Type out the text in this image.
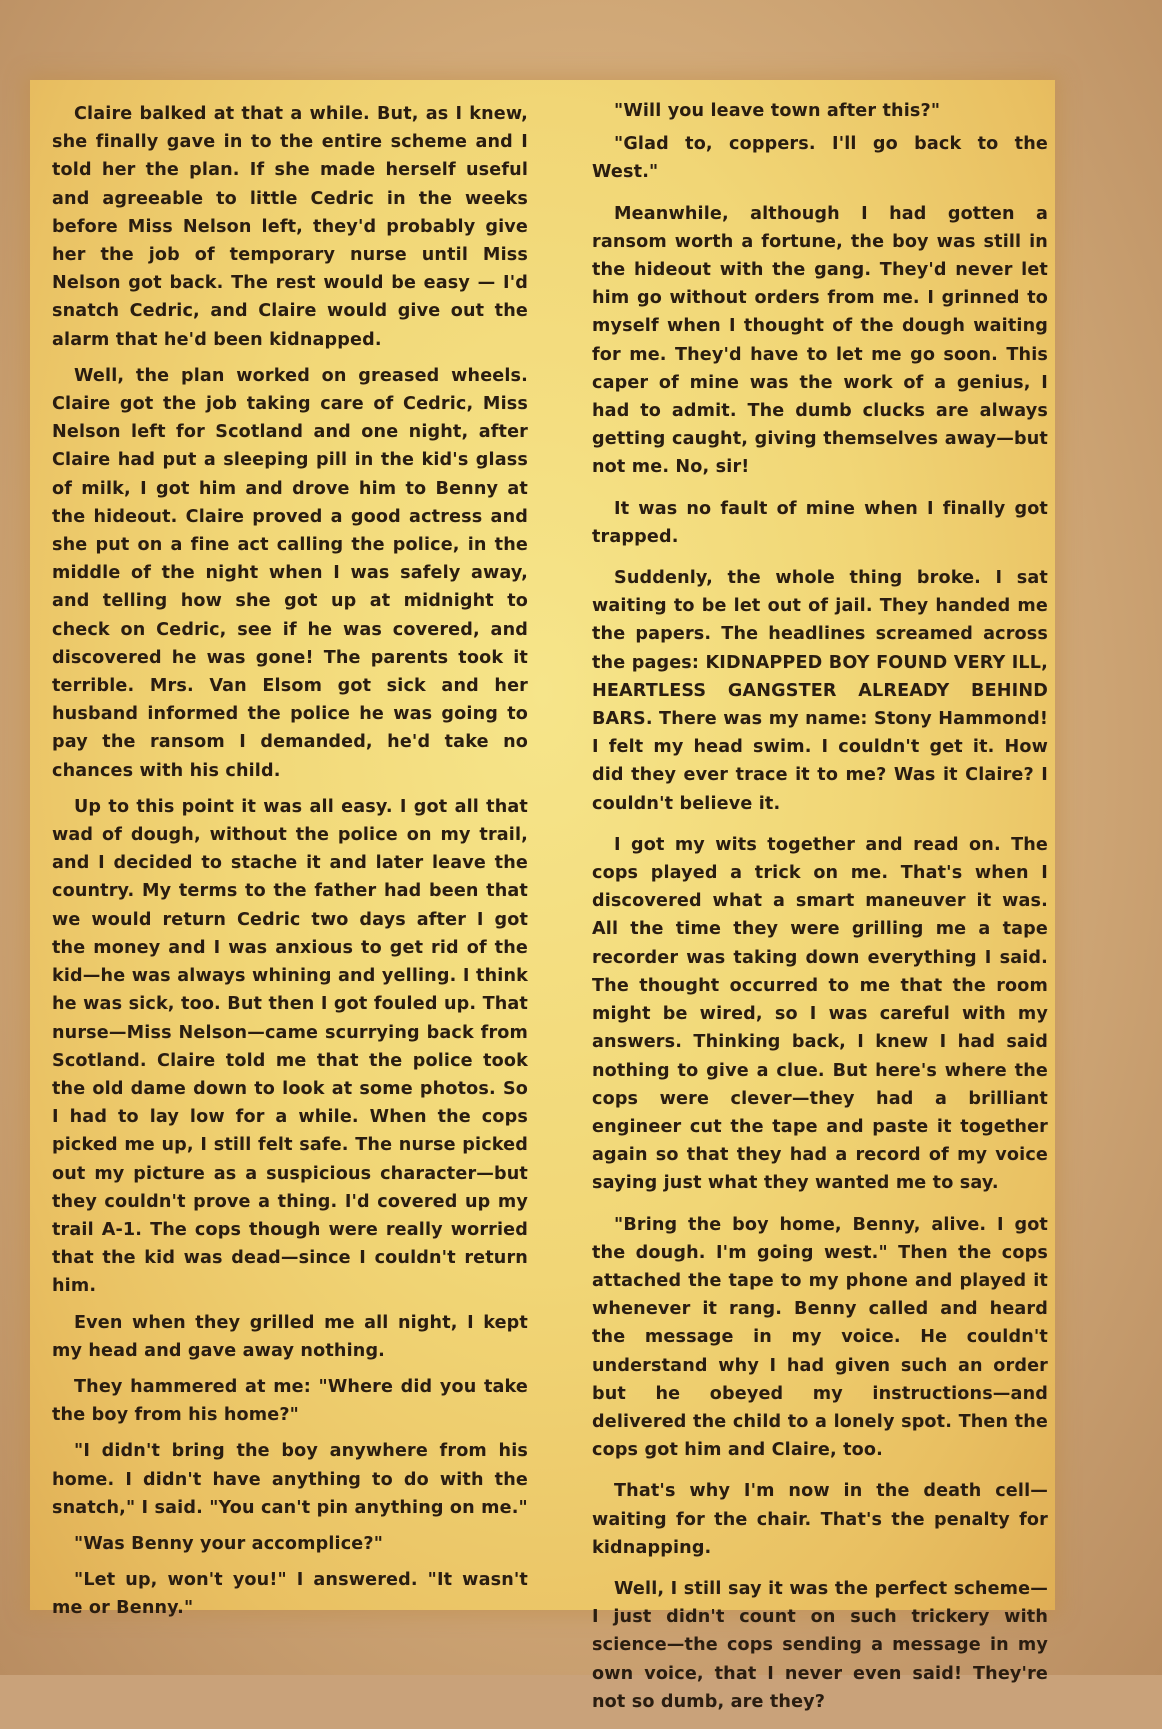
Claire balked at that a while. But, as I knew, she finally gave in to the entire scheme and I told her the plan. If she made herself useful and agreeable to little Cedric in the weeks before Miss Nelson left, they'd probably give her the job of temporary nurse until Miss Nelson got back. The rest would be easy — I'd snatch Cedric, and Claire would give out the alarm that he'd been kidnapped.

Well, the plan worked on greased wheels. Claire got the job taking care of Cedric, Miss Nelson left for Scotland and one night, after Claire had put a sleeping pill in the kid's glass of milk, I got him and drove him to Benny at the hideout. Claire proved a good actress and she put on a fine act calling the police, in the middle of the night when I was safely away, and telling how she got up at midnight to check on Cedric, see if he was covered, and discovered he was gone! The parents took it terrible. Mrs. Van Elsom got sick and her husband informed the police he was going to pay the ransom I demanded, he'd take no chances with his child.

Up to this point it was all easy. I got all that wad of dough, without the police on my trail, and I decided to stache it and later leave the country. My terms to the father had been that we would return Cedric two days after I got the money and I was anxious to get rid of the kid—he was always whining and yelling. I think he was sick, too. But then I got fouled up. That nurse—Miss Nelson—came scurrying back from Scotland. Claire told me that the police took the old dame down to look at some photos. So I had to lay low for a while. When the cops picked me up, I still felt safe. The nurse picked out my picture as a suspicious character—but they couldn't prove a thing. I'd covered up my trail A-1. The cops though were really worried that the kid was dead—since I couldn't return him.

Even when they grilled me all night, I kept my head and gave away nothing.

They hammered at me: "Where did you take the boy from his home?"

"I didn't bring the boy anywhere from his home. I didn't have anything to do with the snatch," I said. "You can't pin anything on me."

"Was Benny your accomplice?"

"Let up, won't you!" I answered. "It wasn't me or Benny."

"Will you leave town after this?"

"Glad to, coppers. I'll go back to the West."

Meanwhile, although I had gotten a ransom worth a fortune, the boy was still in the hideout with the gang. They'd never let him go without orders from me. I grinned to myself when I thought of the dough waiting for me. They'd have to let me go soon. This caper of mine was the work of a genius, I had to admit. The dumb clucks are always getting caught, giving themselves away—but not me. No, sir!

It was no fault of mine when I finally got trapped.

Suddenly, the whole thing broke. I sat waiting to be let out of jail. They handed me the papers. The headlines screamed across the pages: KIDNAPPED BOY FOUND VERY ILL, HEARTLESS GANGSTER ALREADY BEHIND BARS. There was my name: Stony Hammond! I felt my head swim. I couldn't get it. How did they ever trace it to me? Was it Claire? I couldn't believe it.

I got my wits together and read on. The cops played a trick on me. That's when I discovered what a smart maneuver it was. All the time they were grilling me a tape recorder was taking down everything I said. The thought occurred to me that the room might be wired, so I was careful with my answers. Thinking back, I knew I had said nothing to give a clue. But here's where the cops were clever—they had a brilliant engineer cut the tape and paste it together again so that they had a record of my voice saying just what they wanted me to say.

"Bring the boy home, Benny, alive. I got the dough. I'm going west." Then the cops attached the tape to my phone and played it whenever it rang. Benny called and heard the message in my voice. He couldn't understand why I had given such an order but he obeyed my instructions—and delivered the child to a lonely spot. Then the cops got him and Claire, too.

That's why I'm now in the death cell—waiting for the chair. That's the penalty for kidnapping.

Well, I still say it was the perfect scheme—I just didn't count on such trickery with science—the cops sending a message in my own voice, that I never even said! They're not so dumb, are they?
